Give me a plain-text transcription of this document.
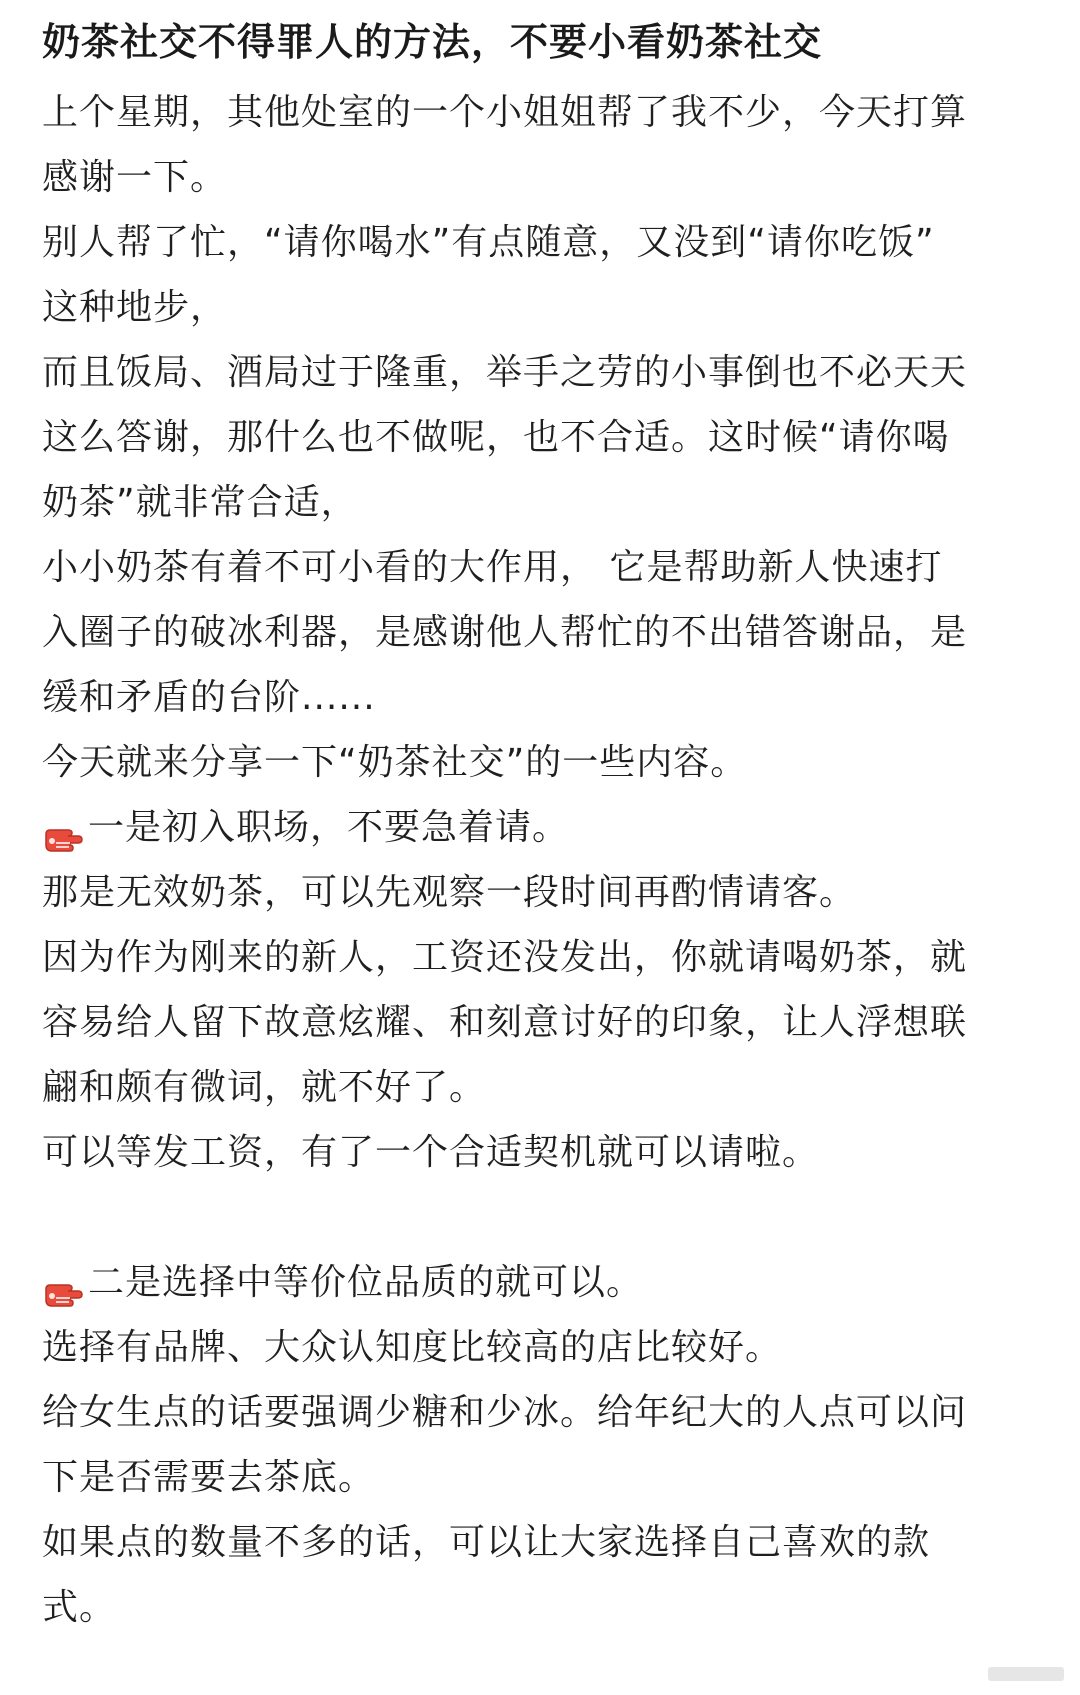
奶茶社交不得罪人的方法，不要小看奶茶社交

上个星期，其他处室的一个小姐姐帮了我不少，今天打算

感谢一下。

别人帮了忙，“请你喝水”有点随意，又没到“请你吃饭”

这种地步，

而且饭局、酒局过于隆重，举手之劳的小事倒也不必天天

这么答谢，那什么也不做呢，也不合适。这时候“请你喝

奶茶”就非常合适，

小小奶茶有着不可小看的大作用， 它是帮助新人快速打

入圈子的破冰利器，是感谢他人帮忙的不出错答谢品，是

缓和矛盾的台阶......

今天就来分享一下“奶茶社交”的一些内容。

一是初入职场，不要急着请。

那是无效奶茶，可以先观察一段时间再酌情请客。

因为作为刚来的新人，工资还没发出，你就请喝奶茶，就

容易给人留下故意炫耀、和刻意讨好的印象，让人浮想联

翩和颇有微词，就不好了。

可以等发工资，有了一个合适契机就可以请啦。

二是选择中等价位品质的就可以。

选择有品牌、大众认知度比较高的店比较好。

给女生点的话要强调少糖和少冰。给年纪大的人点可以问

下是否需要去茶底。

如果点的数量不多的话，可以让大家选择自己喜欢的款

式。
